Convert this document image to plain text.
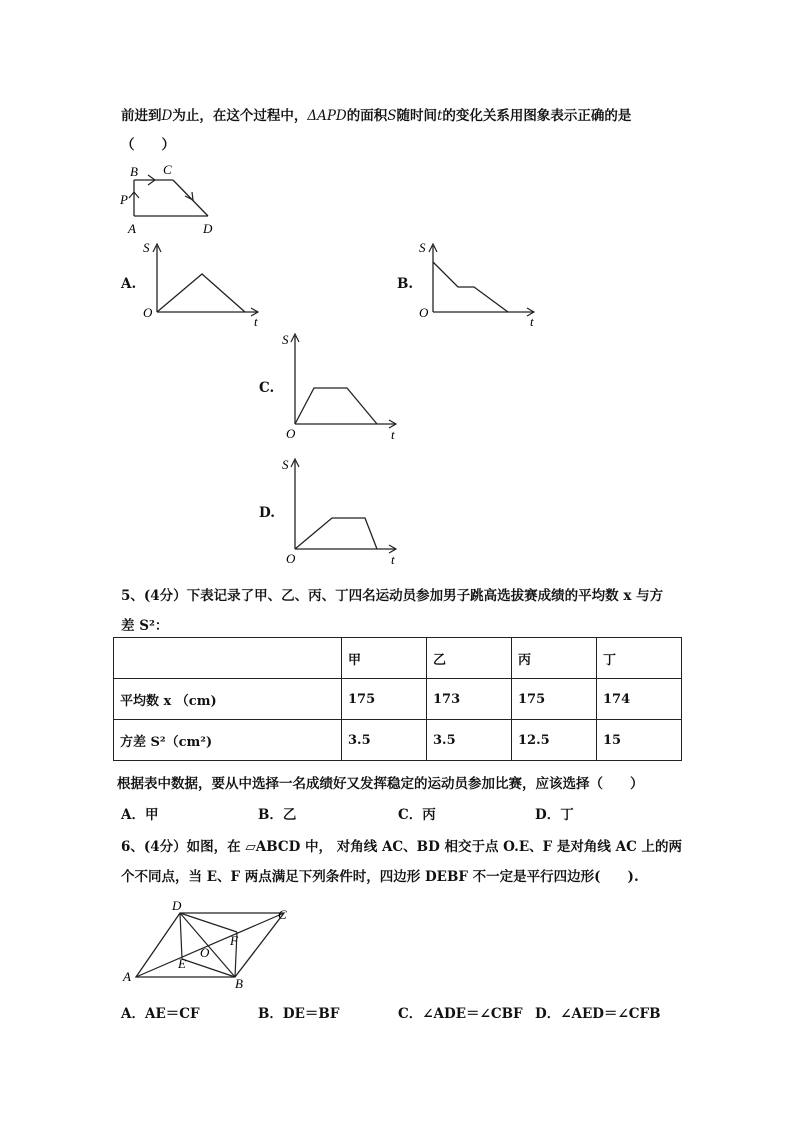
前进到D为止，在这个过程中，ΔAPD的面积S随时间t的变化关系用图象表示正确的是
（　　）
B C
P
A	D
A.
S
O
t
B.
S
O
t
C.
S
O	t
D.
S
O	t
5、(4分）下表记录了甲、乙、丙、丁四名运动员参加男子跳高选拔赛成绩的平均数 x 与方
差 S²：
	甲	乙	丙	丁
平均数 x （cm)	175	173	175	174
方差 S²（cm²)	3.5	3.5	12.5	15
根据表中数据，要从中选择一名成绩好又发挥稳定的运动员参加比赛，应该选择（　　）
A．甲	B．乙	C．丙	D．丁
6、(4分）如图，在 ▱ABCD 中， 对角线 AC、BD 相交于点 O.E、F 是对角线 AC 上的两
个不同点，当 E、F 两点满足下列条件时，四边形 DEBF 不一定是平行四边形(　　).
D
C
F
O
E
A	B
A．AE＝CF	B．DE＝BF	C．∠ADE＝∠CBF D．∠AED＝∠CFB
